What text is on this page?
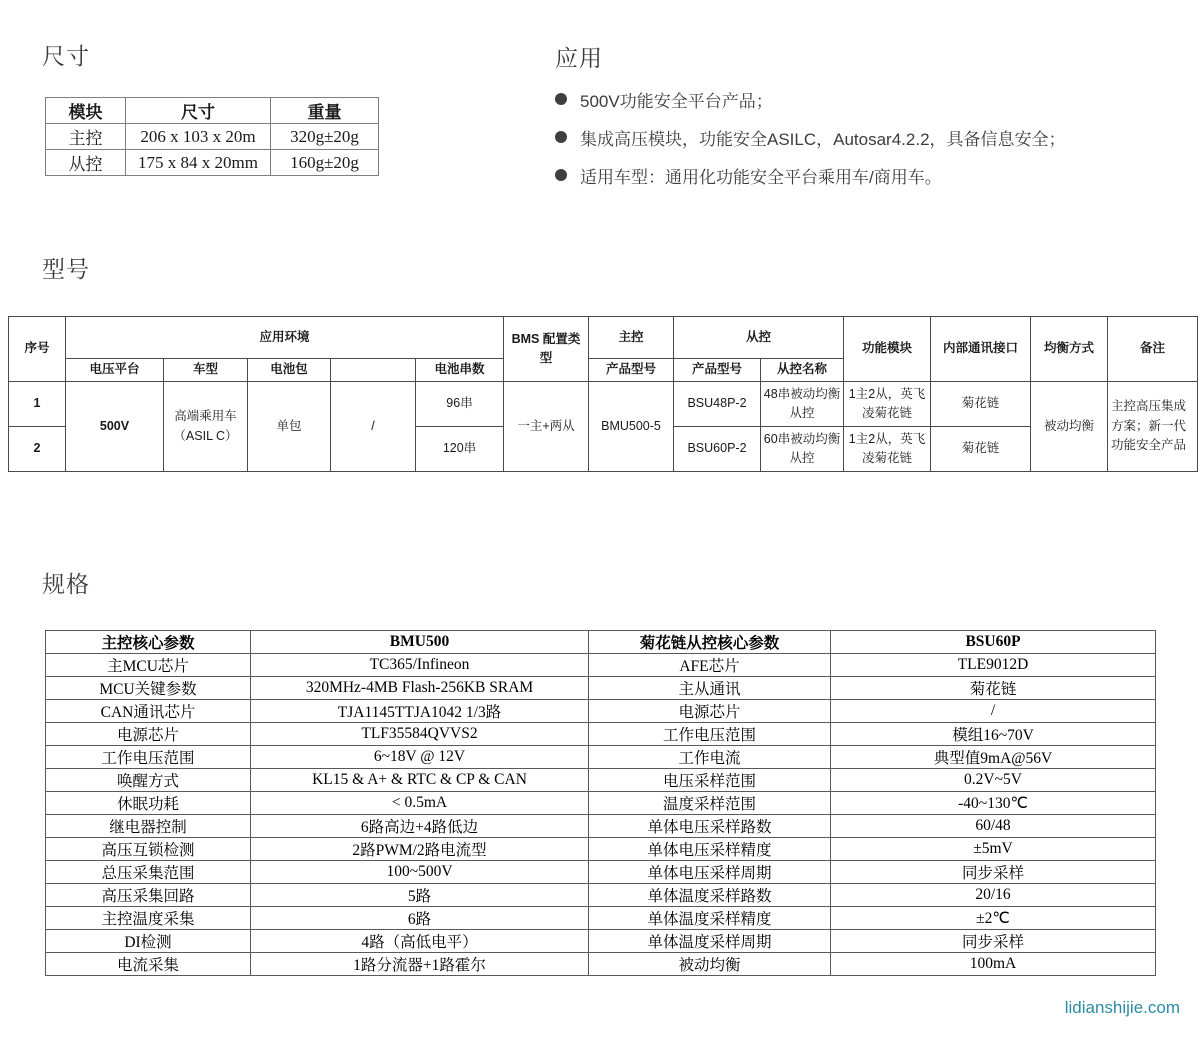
尺寸
模块	尺寸	重量
主控	206 x 103 x 20m	320g±20g
从控	175 x 84 x 20mm	160g±20g
应用
500V功能安全平台产品；
集成高压模块，功能安全ASILC，Autosar4.2.2，具备信息安全；
适用车型：通用化功能安全平台乘用车/商用车。
型号
序号	应用环境					BMS 配置类型	主控	从控		功能模块	内部通讯接口	均衡方式	备注
	电压平台	车型	电池包		电池串数		产品型号	产品型号	从控名称				
1	500V	高端乘用车（ASIL C）	单包	/	96串	一主+两从	BMU500-5	BSU48P-2	48串被动均衡从控	1主2从，英飞凌菊花链	菊花链	被动均衡	主控高压集成方案；新一代功能安全产品
2					120串			BSU60P-2	60串被动均衡从控	1主2从，英飞凌菊花链	菊花链		
规格
主控核心参数	BMU500	菊花链从控核心参数	BSU60P
主MCU芯片	TC365/Infineon	AFE芯片	TLE9012D
MCU关键参数	320MHz-4MB Flash-256KB SRAM	主从通讯	菊花链
CAN通讯芯片	TJA1145TTJA1042 1/3路	电源芯片	/
电源芯片	TLF35584QVVS2	工作电压范围	模组16~70V
工作电压范围	6~18V @ 12V	工作电流	典型值9mA@56V
唤醒方式	KL15 & A+ & RTC & CP & CAN	电压采样范围	0.2V~5V
休眠功耗	< 0.5mA	温度采样范围	-40~130℃
继电器控制	6路高边+4路低边	单体电压采样路数	60/48
高压互锁检测	2路PWM/2路电流型	单体电压采样精度	±5mV
总压采集范围	100~500V	单体电压采样周期	同步采样
高压采集回路	5路	单体温度采样路数	20/16
主控温度采集	6路	单体温度采样精度	±2℃
DI检测	4路（高低电平）	单体温度采样周期	同步采样
电流采集	1路分流器+1路霍尔	被动均衡	100mA
lidianshijie.com
